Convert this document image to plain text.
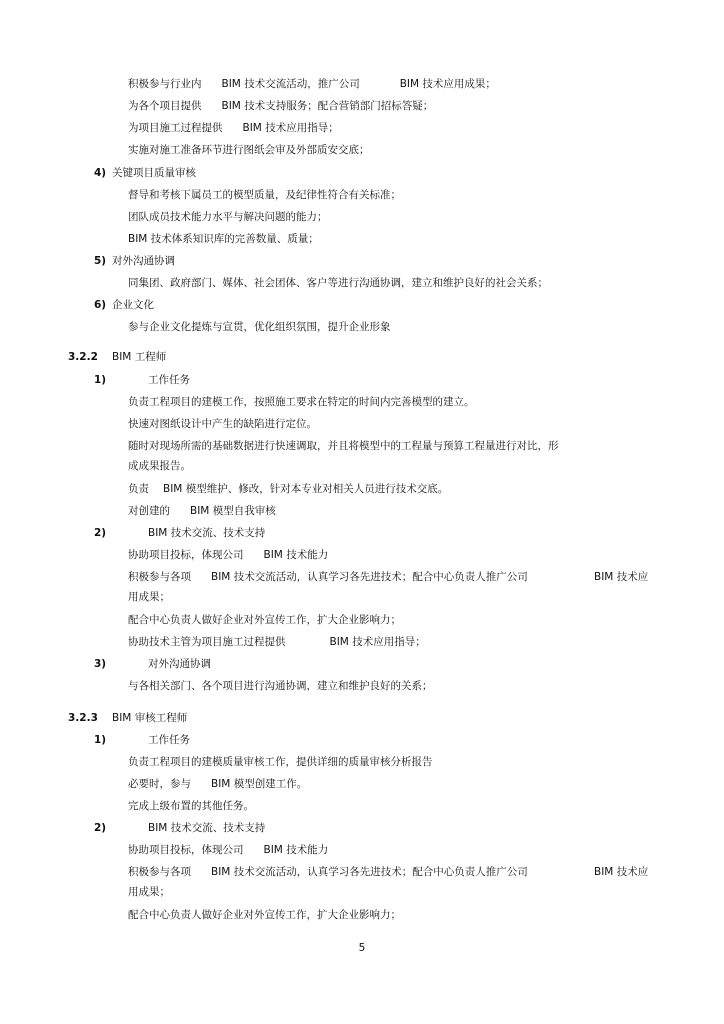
积极参与行业内 BIM 技术交流活动，推广公司	BIM 技术应用成果；
为各个项目提供 BIM 技术支持服务；配合营销部门招标答疑；
为项目施工过程提供 BIM 技术应用指导；
实施对施工准备环节进行图纸会审及外部质安交底；
4) 关键项目质量审核
督导和考核下属员工的模型质量，及纪律性符合有关标准；
团队成员技术能力水平与解决问题的能力；
BIM 技术体系知识库的完善数量、质量；
5) 对外沟通协调
同集团、政府部门、媒体、社会团体、客户等进行沟通协调，建立和维护良好的社会关系；
6) 企业文化
参与企业文化提炼与宣贯，优化组织氛围，提升企业形象
3.2.2 BIM 工程师
1)	工作任务
负责工程项目的建模工作，按照施工要求在特定的时间内完善模型的建立。
快速对图纸设计中产生的缺陷进行定位。
随时对现场所需的基础数据进行快速调取，并且将模型中的工程量与预算工程量进行对比，形
成成果报告。
负责 BIM 模型维护、修改，针对本专业对相关人员进行技术交底。
对创建的 BIM 模型自我审核
2)	BIM 技术交流、技术支持
协助项目投标，体现公司 BIM 技术能力
积极参与各项 BIM 技术交流活动，认真学习各先进技术；配合中心负责人推广公司	BIM 技术应
用成果；
配合中心负责人做好企业对外宣传工作，扩大企业影响力；
协助技术主管为项目施工过程提供	BIM 技术应用指导；
3)	对外沟通协调
与各相关部门、各个项目进行沟通协调，建立和维护良好的关系；
3.2.3 BIM 审核工程师
1)	工作任务
负责工程项目的建模质量审核工作，提供详细的质量审核分析报告
必要时，参与 BIM 模型创建工作。
完成上级布置的其他任务。
2)	BIM 技术交流、技术支持
协助项目投标，体现公司 BIM 技术能力
积极参与各项 BIM 技术交流活动，认真学习各先进技术；配合中心负责人推广公司	BIM 技术应
用成果；
配合中心负责人做好企业对外宣传工作，扩大企业影响力；
5
